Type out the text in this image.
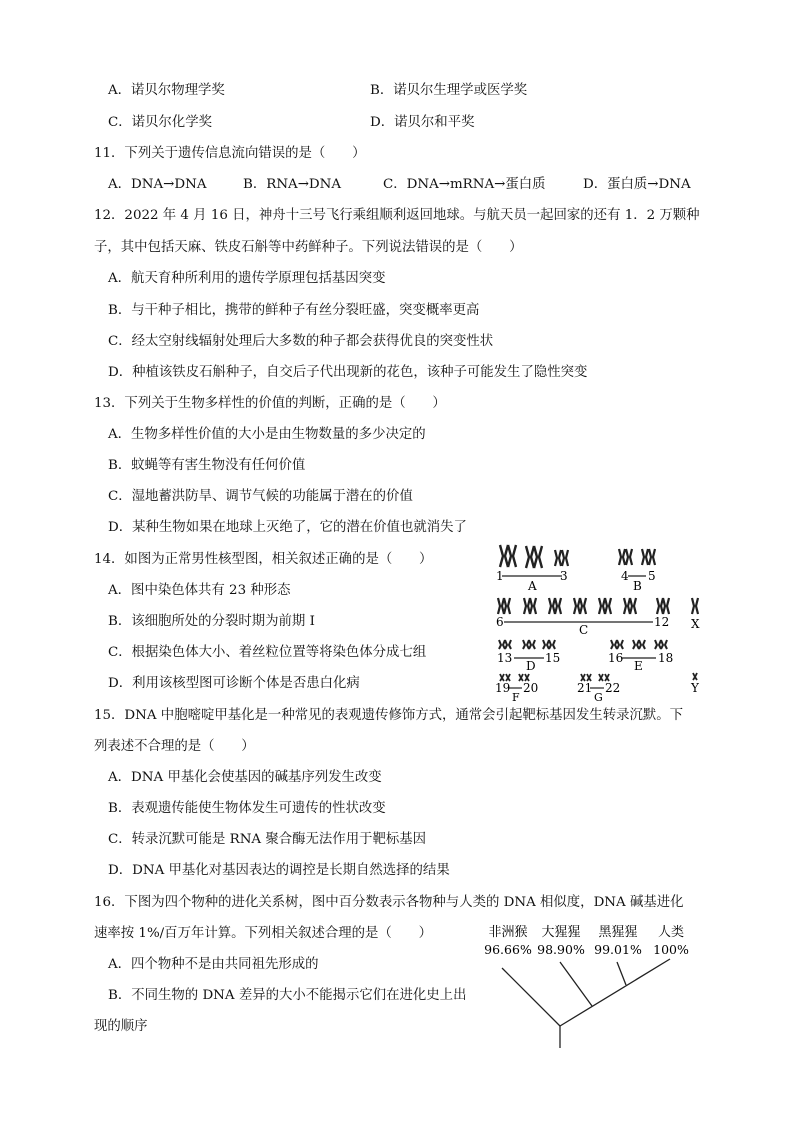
A．诺贝尔物理学奖	B．诺贝尔生理学或医学奖
C．诺贝尔化学奖	D．诺贝尔和平奖
11．下列关于遗传信息流向错误的是（　　）
A．DNA→DNA	B．RNA→DNA	C．DNA→mRNA→蛋白质	D．蛋白质→DNA
12．2022 年 4 月 16 日，神舟十三号飞行乘组顺利返回地球。与航天员一起回家的还有 1．2 万颗种
子，其中包括天麻、铁皮石斛等中药鲜种子。下列说法错误的是（　　）
A．航天育种所利用的遗传学原理包括基因突变
B．与干种子相比，携带的鲜种子有丝分裂旺盛，突变概率更高
C．经太空射线辐射处理后大多数的种子都会获得优良的突变性状
D．种植该铁皮石斛种子，自交后子代出现新的花色，该种子可能发生了隐性突变
13．下列关于生物多样性的价值的判断，正确的是（　　）
A．生物多样性价值的大小是由生物数量的多少决定的
B．蚊蝇等有害生物没有任何价值
C．湿地蓄洪防旱、调节气候的功能属于潜在的价值
D．某种生物如果在地球上灭绝了，它的潜在价值也就消失了
14．如图为正常男性核型图，相关叙述正确的是（　　）
A．图中染色体共有 23 种形态
B．该细胞所处的分裂时期为前期 I
C．根据染色体大小、着丝粒位置等将染色体分成七组
D．利用该核型图可诊断个体是否患白化病
1	3
A
4 5
B
6	12
C	X
13	15
D
16	18
E
19 20
F
21 22
G
Y
15．DNA 中胞嘧啶甲基化是一种常见的表观遗传修饰方式，通常会引起靶标基因发生转录沉默。下
列表述不合理的是（　　）
A．DNA 甲基化会使基因的碱基序列发生改变
B．表观遗传能使生物体发生可遗传的性状改变
C．转录沉默可能是 RNA 聚合酶无法作用于靶标基因
D．DNA 甲基化对基因表达的调控是长期自然选择的结果
16．下图为四个物种的进化关系树，图中百分数表示各物种与人类的 DNA 相似度，DNA 碱基进化
速率按 1%/百万年计算。下列相关叙述合理的是（　　）
A．四个物种不是由共同祖先形成的
B．不同生物的 DNA 差异的大小不能揭示它们在进化史上出
现的顺序
非洲猴 大猩猩 黑猩猩 人类
96.66% 98.90% 99.01% 100%
